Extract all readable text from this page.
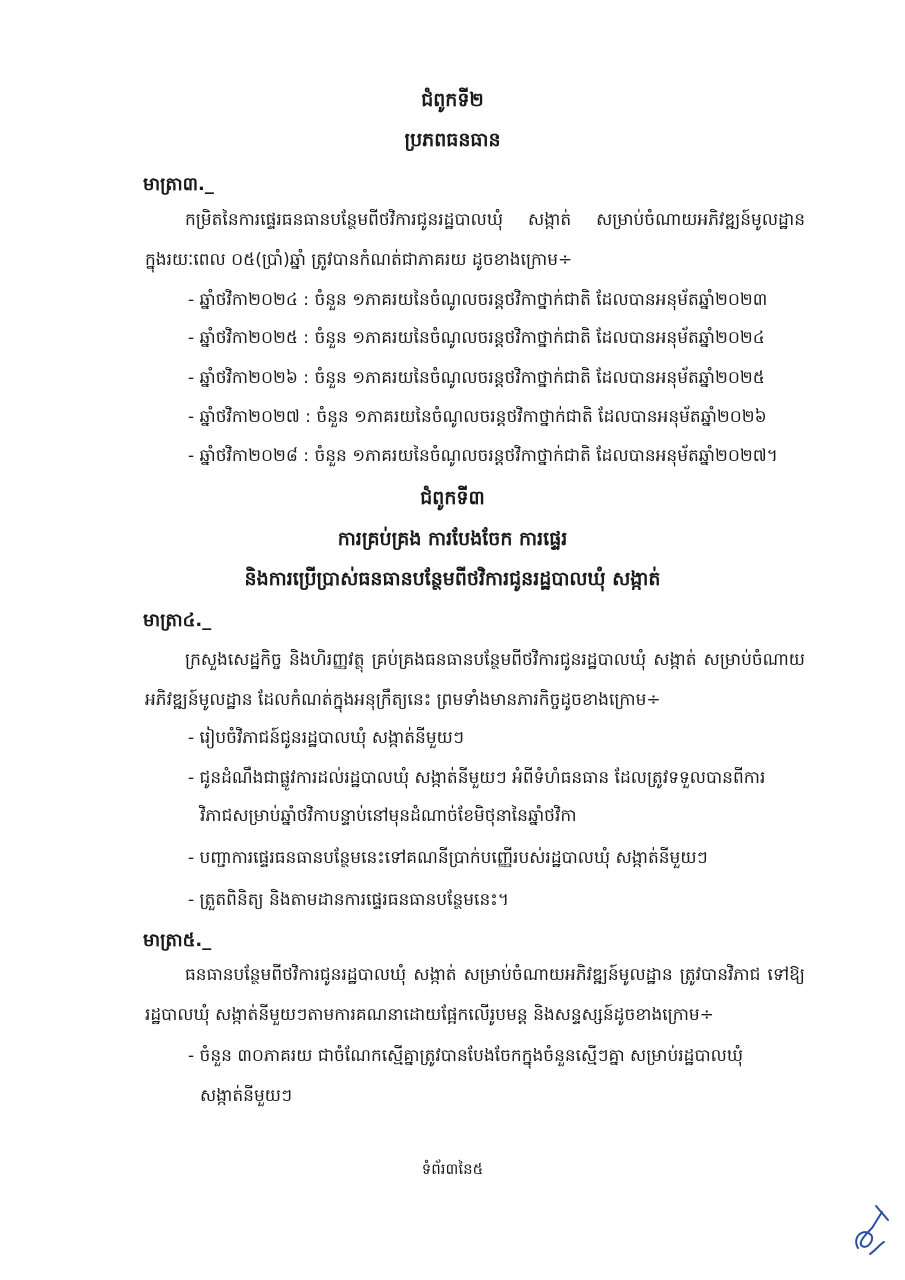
ជំពូកទី២
ប្រភពធនធាន
មាត្រា៣._
កម្រិតនៃការផ្ទេរធនធានបន្ថែមពីថវិការជូនរដ្ឋបាលឃុំ សង្កាត់ សម្រាប់ចំណាយអភិវឌ្ឍន៍មូលដ្ឋាន ក្នុងរយៈពេល ០៥(ប្រាំ)ឆ្នាំ ត្រូវបានកំណត់ជាភាគរយ ដូចខាងក្រោម÷
- ឆ្នាំថវិកា២០២៤ : ចំនួន ១ភាគរយនៃចំណូលចរន្តថវិកាថ្នាក់ជាតិ ដែលបានអនុម័តឆ្នាំ២០២៣
- ឆ្នាំថវិកា២០២៥ : ចំនួន ១ភាគរយនៃចំណូលចរន្តថវិកាថ្នាក់ជាតិ ដែលបានអនុម័តឆ្នាំ២០២៤
- ឆ្នាំថវិកា២០២៦ : ចំនួន ១ភាគរយនៃចំណូលចរន្តថវិកាថ្នាក់ជាតិ ដែលបានអនុម័តឆ្នាំ២០២៥
- ឆ្នាំថវិកា២០២៧ : ចំនួន ១ភាគរយនៃចំណូលចរន្តថវិកាថ្នាក់ជាតិ ដែលបានអនុម័តឆ្នាំ២០២៦
- ឆ្នាំថវិកា២០២៨ : ចំនួន ១ភាគរយនៃចំណូលចរន្តថវិកាថ្នាក់ជាតិ ដែលបានអនុម័តឆ្នាំ២០២៧។
ជំពូកទី៣
ការគ្រប់គ្រង ការបែងចែក ការផ្ទេរ
និងការប្រើប្រាស់ធនធានបន្ថែមពីថវិការជូនរដ្ឋបាលឃុំ សង្កាត់
មាត្រា៤._
ក្រសួងសេដ្ឋកិច្ច និងហិរញ្ញវត្ថុ គ្រប់គ្រងធនធានបន្ថែមពីថវិការជូនរដ្ឋបាលឃុំ សង្កាត់ សម្រាប់ចំណាយអភិវឌ្ឍន៍មូលដ្ឋាន ដែលកំណត់ក្នុងអនុក្រឹត្យនេះ ព្រមទាំងមានភារកិច្ចដូចខាងក្រោម÷
- រៀបចំវិភាជន៍ជូនរដ្ឋបាលឃុំ សង្កាត់នីមួយៗ
- ជូនដំណឹងជាផ្លូវការដល់រដ្ឋបាលឃុំ សង្កាត់នីមួយៗ អំពីទំហំធនធាន ដែលត្រូវទទួលបានពីការ
វិភាជសម្រាប់ឆ្នាំថវិកាបន្ទាប់នៅមុនដំណាច់ខែមិថុនានៃឆ្នាំថវិកា
- បញ្ជាការផ្ទេរធនធានបន្ថែមនេះទៅគណនីប្រាក់បញ្ញើរបស់រដ្ឋបាលឃុំ សង្កាត់នីមួយៗ
- ត្រួតពិនិត្យ និងតាមដានការផ្ទេរធនធានបន្ថែមនេះ។
មាត្រា៥._
ធនធានបន្ថែមពីថវិការជូនរដ្ឋបាលឃុំ សង្កាត់ សម្រាប់ចំណាយអភិវឌ្ឍន៍មូលដ្ឋាន ត្រូវបានវិភាជ ទៅឱ្យរដ្ឋបាលឃុំ សង្កាត់នីមួយៗតាមការគណនាដោយផ្អែកលើរូបមន្ត និងសន្ទស្សន៍ដូចខាងក្រោម÷
- ចំនួន ៣០ភាគរយ ជាចំណែកស្មើគ្នាត្រូវបានបែងចែកក្នុងចំនួនស្មើៗគ្នា សម្រាប់រដ្ឋបាលឃុំ
សង្កាត់នីមួយៗ
ទំព័រ៣នៃ៥
